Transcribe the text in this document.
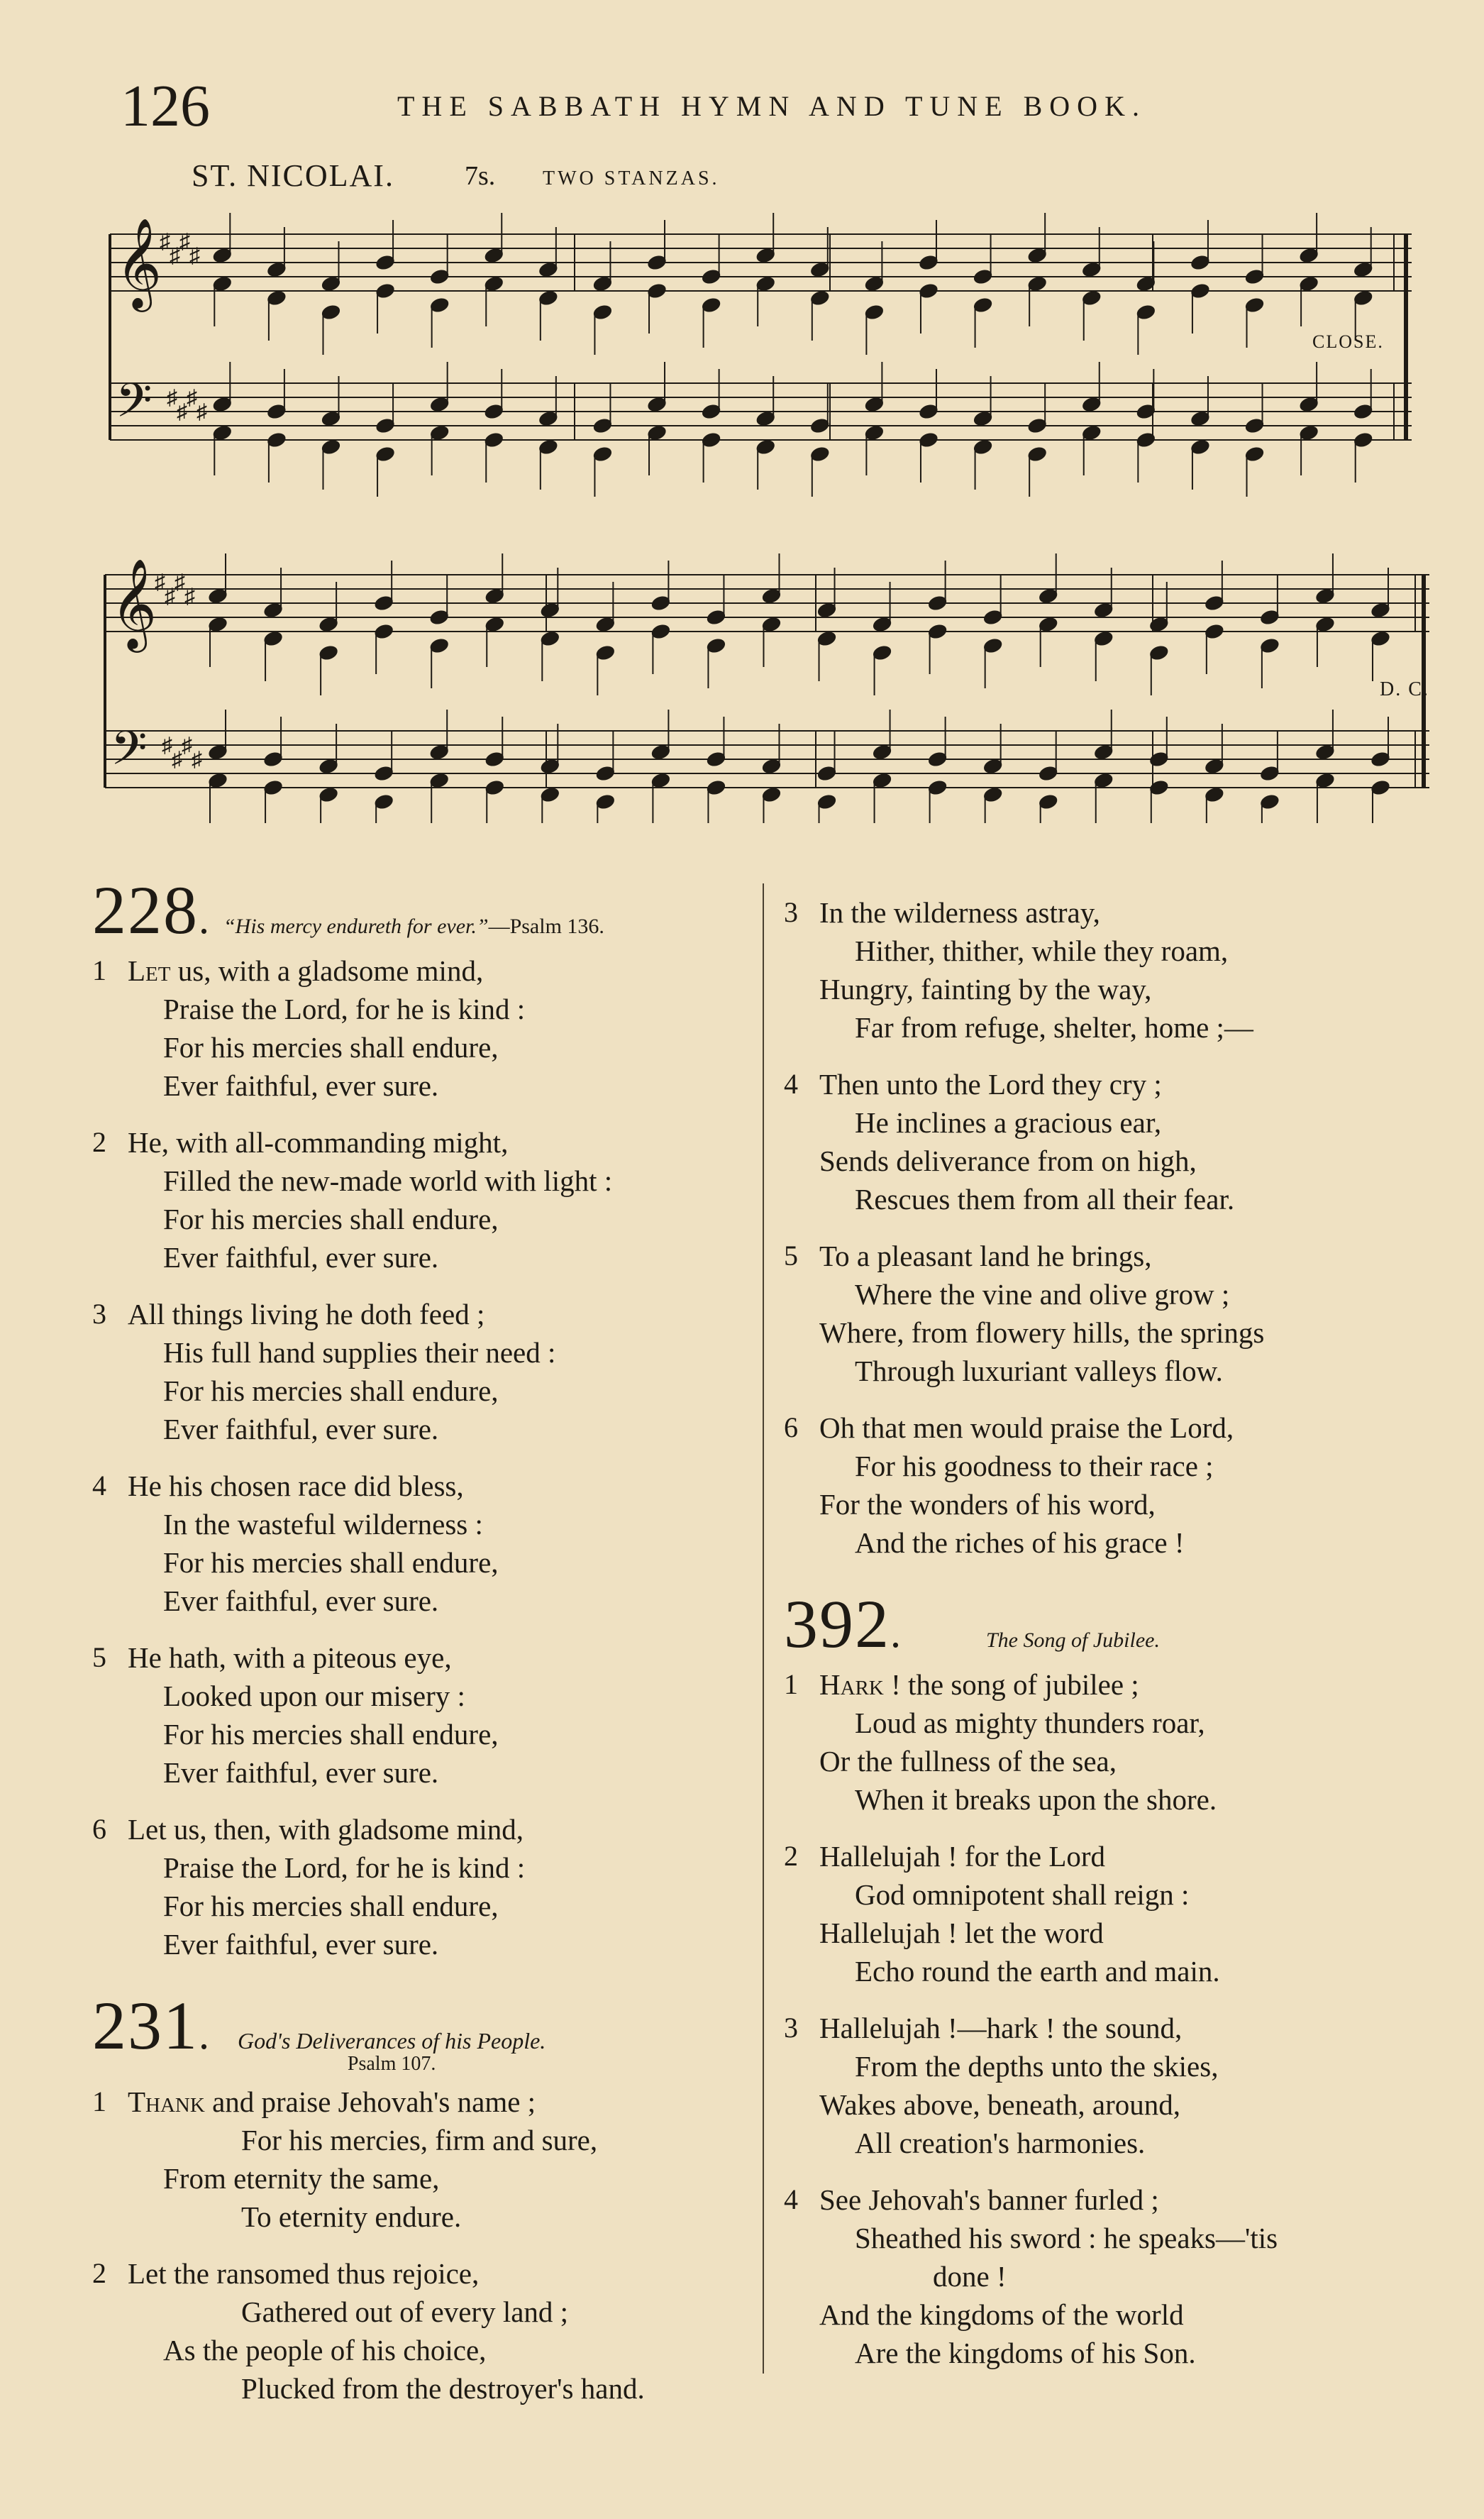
126	THE SABBATH HYMN AND TUNE BOOK.
ST. NICOLAI.	7s. TWO STANZAS.
𝄞
𝄢
♯
♯
♯
♯
♯
♯
♯
♯
𝄞
𝄢
♯
♯
♯
♯
♯
♯
♯
♯
CLOSE.
D. C.
228 . “His mercy endureth for ever.” —Psalm 136.
1 Let us, with a gladsome mind,
Praise the Lord, for he is kind :
For his mercies shall endure,
Ever faithful, ever sure.
2 He, with all-commanding might,
Filled the new-made world with light :
For his mercies shall endure,
Ever faithful, ever sure.
3 All things living he doth feed ;
His full hand supplies their need :
For his mercies shall endure,
Ever faithful, ever sure.
4 He his chosen race did bless,
In the wasteful wilderness :
For his mercies shall endure,
Ever faithful, ever sure.
5 He hath, with a piteous eye,
Looked upon our misery :
For his mercies shall endure,
Ever faithful, ever sure.
6 Let us, then, with gladsome mind,
Praise the Lord, for he is kind :
For his mercies shall endure,
Ever faithful, ever sure.
231 . God's Deliverances of his People.
Psalm 107.
1 Thank and praise Jehovah's name ;
For his mercies, firm and sure,
From eternity the same,
To eternity endure.
2 Let the ransomed thus rejoice,
Gathered out of every land ;
As the people of his choice,
Plucked from the destroyer's hand.
3 In the wilderness astray,
Hither, thither, while they roam,
Hungry, fainting by the way,
Far from refuge, shelter, home ;—
4 Then unto the Lord they cry ;
He inclines a gracious ear,
Sends deliverance from on high,
Rescues them from all their fear.
5 To a pleasant land he brings,
Where the vine and olive grow ;
Where, from flowery hills, the springs
Through luxuriant valleys flow.
6 Oh that men would praise the Lord,
For his goodness to their race ;
For the wonders of his word,
And the riches of his grace !
392 .	The Song of Jubilee.
1 Hark ! the song of jubilee ;
Loud as mighty thunders roar,
Or the fullness of the sea,
When it breaks upon the shore.
2 Hallelujah ! for the Lord
God omnipotent shall reign :
Hallelujah ! let the word
Echo round the earth and main.
3 Hallelujah !—hark ! the sound,
From the depths unto the skies,
Wakes above, beneath, around,
All creation's harmonies.
4 See Jehovah's banner furled ;
Sheathed his sword : he speaks—'tis
done !
And the kingdoms of the world
Are the kingdoms of his Son.
